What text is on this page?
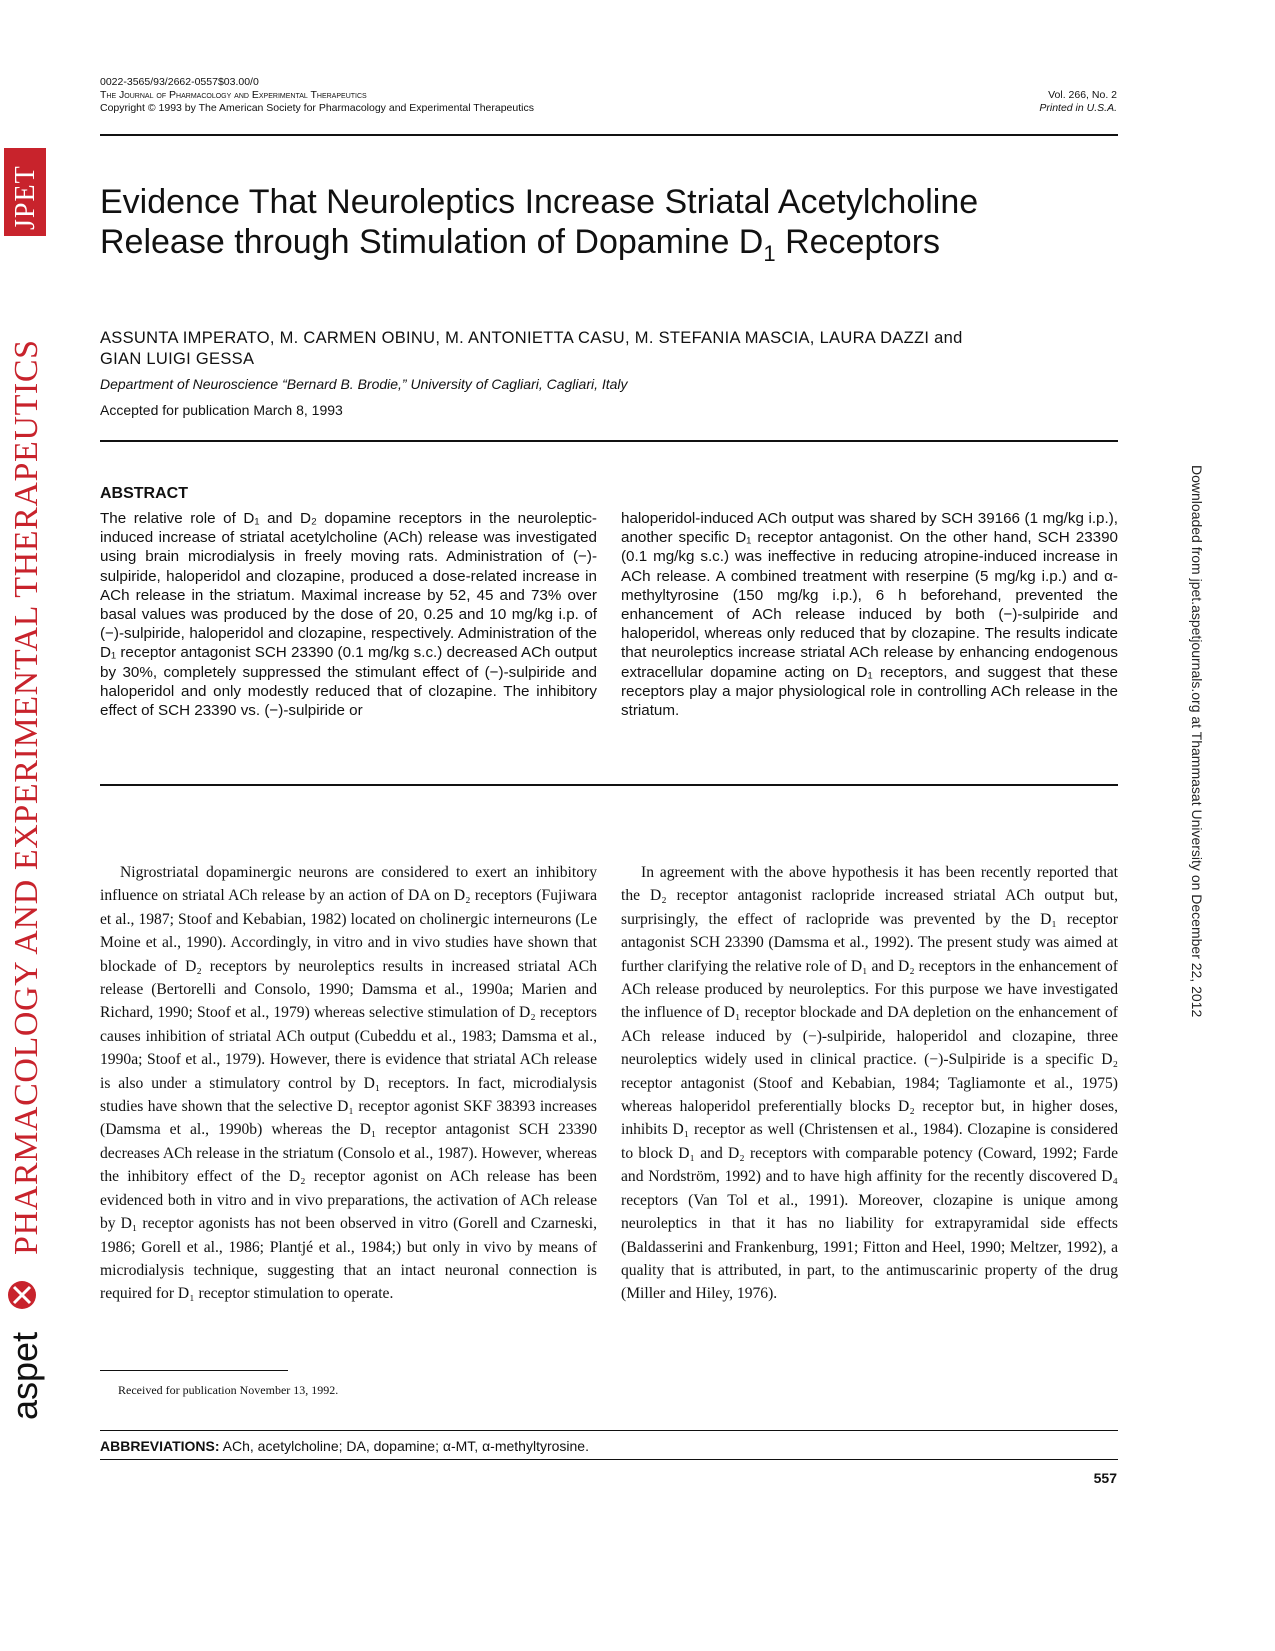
JPET
PHARMACOLOGY AND EXPERIMENTAL THERAPEUTICS
aspet
Downloaded from jpet.aspetjournals.org at Thammasat University on December 22, 2012
0022-3565/93/2662-0557$03.00/0
The Journal of Pharmacology and Experimental Therapeutics
Copyright © 1993 by The American Society for Pharmacology and Experimental Therapeutics
Vol. 266, No. 2
Printed in U.S.A.
Evidence That Neuroleptics Increase Striatal Acetylcholine
Release through Stimulation of Dopamine $D_1$ Receptors
ASSUNTA IMPERATO, M. CARMEN OBINU, M. ANTONIETTA CASU, M. STEFANIA MASCIA, LAURA DAZZI and
GIAN LUIGI GESSA
Department of Neuroscience “Bernard B. Brodie,” University of Cagliari, Cagliari, Italy
Accepted for publication March 8, 1993
ABSTRACT
The relative role of D₁ and D₂ dopamine receptors in the neuroleptic-induced increase of striatal acetylcholine (ACh) release was investigated using brain microdialysis in freely moving rats. Administration of (−)-sulpiride, haloperidol and clozapine, produced a dose-related increase in ACh release in the striatum. Maximal increase by 52, 45 and 73% over basal values was produced by the dose of 20, 0.25 and 10 mg/kg i.p. of (−)-sulpiride, haloperidol and clozapine, respectively. Administration of the D₁ receptor antagonist SCH 23390 (0.1 mg/kg s.c.) decreased ACh output by 30%, completely suppressed the stimulant effect of (−)-sulpiride and haloperidol and only modestly reduced that of clozapine. The inhibitory effect of SCH 23390 vs. (−)-sulpiride or
haloperidol-induced ACh output was shared by SCH 39166 (1 mg/kg i.p.), another specific D₁ receptor antagonist. On the other hand, SCH 23390 (0.1 mg/kg s.c.) was ineffective in reducing atropine-induced increase in ACh release. A combined treatment with reserpine (5 mg/kg i.p.) and α-methyltyrosine (150 mg/kg i.p.), 6 h beforehand, prevented the enhancement of ACh release induced by both (−)-sulpiride and haloperidol, whereas only reduced that by clozapine. The results indicate that neuroleptics increase striatal ACh release by enhancing endogenous extracellular dopamine acting on D₁ receptors, and suggest that these receptors play a major physiological role in controlling ACh release in the striatum.

Nigrostriatal dopaminergic neurons are considered to exert an inhibitory influence on striatal ACh release by an action of DA on D₂ receptors (Fujiwara et al., 1987; Stoof and Kebabian, 1982) located on cholinergic interneurons (Le Moine et al., 1990). Accordingly, in vitro and in vivo studies have shown that blockade of D₂ receptors by neuroleptics results in increased striatal ACh release (Bertorelli and Consolo, 1990; Damsma et al., 1990a; Marien and Richard, 1990; Stoof et al., 1979) whereas selective stimulation of D₂ receptors causes inhibition of striatal ACh output (Cubeddu et al., 1983; Damsma et al., 1990a; Stoof et al., 1979). However, there is evidence that striatal ACh release is also under a stimulatory control by D₁ receptors. In fact, microdialysis studies have shown that the selective D₁ receptor agonist SKF 38393 increases (Damsma et al., 1990b) whereas the D₁ receptor antagonist SCH 23390 decreases ACh release in the striatum (Consolo et al., 1987). However, whereas the inhibitory effect of the D₂ receptor agonist on ACh release has been evidenced both in vitro and in vivo preparations, the activation of ACh release by D₁ receptor agonists has not been observed in vitro (Gorell and Czarneski, 1986; Gorell et al., 1986; Plantjé et al., 1984;) but only in vivo by means of microdialysis technique, suggesting that an intact neuronal connection is required for D₁ receptor stimulation to operate.

In agreement with the above hypothesis it has been recently reported that the D₂ receptor antagonist raclopride increased striatal ACh output but, surprisingly, the effect of raclopride was prevented by the D₁ receptor antagonist SCH 23390 (Damsma et al., 1992). The present study was aimed at further clarifying the relative role of D₁ and D₂ receptors in the enhancement of ACh release produced by neuroleptics. For this purpose we have investigated the influence of D₁ receptor blockade and DA depletion on the enhancement of ACh release induced by (−)-sulpiride, haloperidol and clozapine, three neuroleptics widely used in clinical practice. (−)-Sulpiride is a specific D₂ receptor antagonist (Stoof and Kebabian, 1984; Tagliamonte et al., 1975) whereas haloperidol preferentially blocks D₂ receptor but, in higher doses, inhibits D₁ receptor as well (Christensen et al., 1984). Clozapine is considered to block D₁ and D₂ receptors with comparable potency (Coward, 1992; Farde and Nordström, 1992) and to have high affinity for the recently discovered D₄ receptors (Van Tol et al., 1991). Moreover, clozapine is unique among neuroleptics in that it has no liability for extrapyramidal side effects (Baldasserini and Frankenburg, 1991; Fitton and Heel, 1990; Meltzer, 1992), a quality that is attributed, in part, to the antimuscarinic property of the drug (Miller and Hiley, 1976).

Received for publication November 13, 1992.
ABBREVIATIONS: ACh, acetylcholine; DA, dopamine; α-MT, α-methyltyrosine.
557
